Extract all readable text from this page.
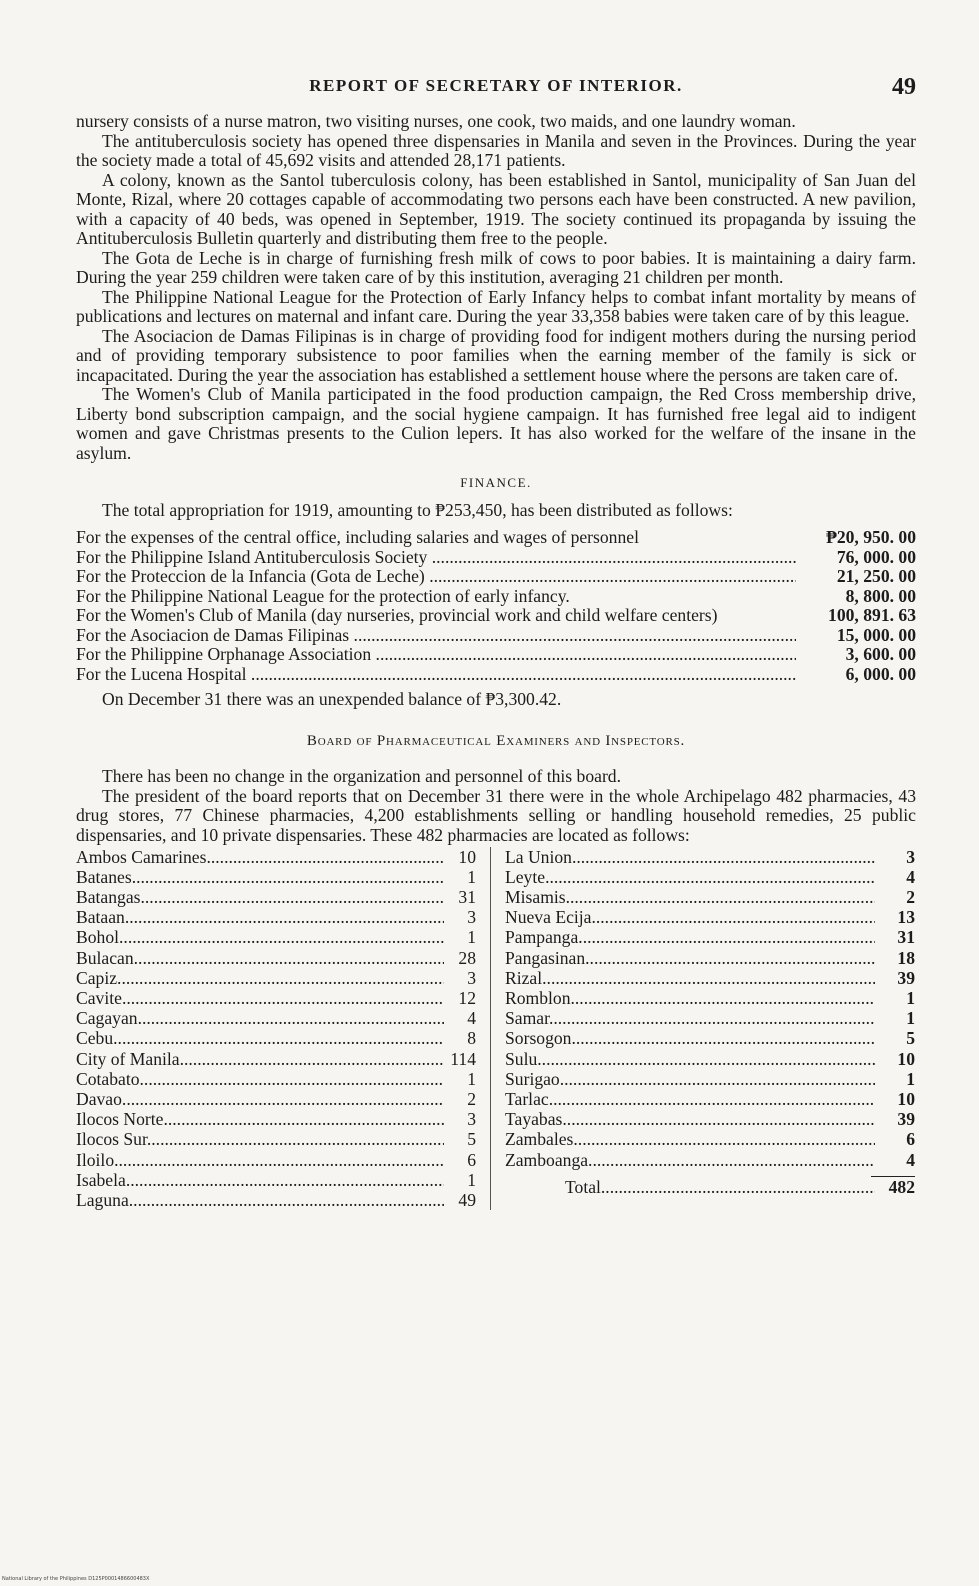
REPORT OF SECRETARY OF INTERIOR.	49

nursery consists of a nurse matron, two visiting nurses, one cook, two maids, and one laundry woman.

The antituberculosis society has opened three dispensaries in Manila and seven in the Provinces. During the year the society made a total of 45,692 visits and attended 28,171 patients.

A colony, known as the Santol tuberculosis colony, has been established in Santol, municipality of San Juan del Monte, Rizal, where 20 cottages capable of accommodating two persons each have been constructed. A new pavilion, with a capacity of 40 beds, was opened in September, 1919. The society continued its propaganda by issuing the Antituberculosis Bulletin quarterly and distributing them free to the people.

The Gota de Leche is in charge of furnishing fresh milk of cows to poor babies. It is maintaining a dairy farm. During the year 259 children were taken care of by this institution, averaging 21 children per month.

The Philippine National League for the Protection of Early Infancy helps to combat infant mortality by means of publications and lectures on maternal and infant care. During the year 33,358 babies were taken care of by this league.

The Asociacion de Damas Filipinas is in charge of providing food for indigent mothers during the nursing period and of providing temporary subsistence to poor families when the earning member of the family is sick or incapacitated. During the year the association has established a settlement house where the persons are taken care of.

The Women's Club of Manila participated in the food production campaign, the Red Cross membership drive, Liberty bond subscription campaign, and the social hygiene campaign. It has furnished free legal aid to indigent women and gave Christmas presents to the Culion lepers. It has also worked for the welfare of the insane in the asylum.

FINANCE.

The total appropriation for 1919, amounting to ₱253,450, has been distributed as follows:

For the expenses of the central office, including salaries and wages of personnel	₱20, 950. 00
For the Philippine Island Antituberculosis Society .....	76, 000. 00
For the Proteccion de la Infancia (Gota de Leche) .....	21, 250. 00
For the Philippine National League for the protection of early infancy.	8, 800. 00
For the Women's Club of Manila (day nurseries, provincial work and child welfare centers)	100, 891. 63
For the Asociacion de Damas Filipinas .....	15, 000. 00
For the Philippine Orphanage Association .....	3, 600. 00
For the Lucena Hospital .....	6, 000. 00

On December 31 there was an unexpended balance of ₱3,300.42.

Board of Pharmaceutical Examiners and Inspectors.

There has been no change in the organization and personnel of this board.

The president of the board reports that on December 31 there were in the whole Archipelago 482 pharmacies, 43 drug stores, 77 Chinese pharmacies, 4,200 establishments selling or handling household remedies, 25 public dispensaries, and 10 private dispensaries. These 482 pharmacies are located as follows:

Ambos Camarines .....	10
Batanes .....	1
Batangas .....	31
Bataan .....	3
Bohol .....	1
Bulacan .....	28
Capiz .....	3
Cavite .....	12
Cagayan .....	4
Cebu .....	8
City of Manila .....	114
Cotabato .....	1
Davao .....	2
Ilocos Norte .....	3
Ilocos Sur .....	5
Iloilo .....	6
Isabela .....	1
Laguna .....	49
La Union .....	3
Leyte .....	4
Misamis .....	2
Nueva Ecija .....	13
Pampanga .....	31
Pangasinan .....	18
Rizal .....	39
Romblon .....	1
Samar .....	1
Sorsogon .....	5
Sulu .....	10
Surigao .....	1
Tarlac .....	10
Tayabas .....	39
Zambales .....	6
Zamboanga .....	4
Total .....	482
National Library of the Philippines D125P0001486600483X
